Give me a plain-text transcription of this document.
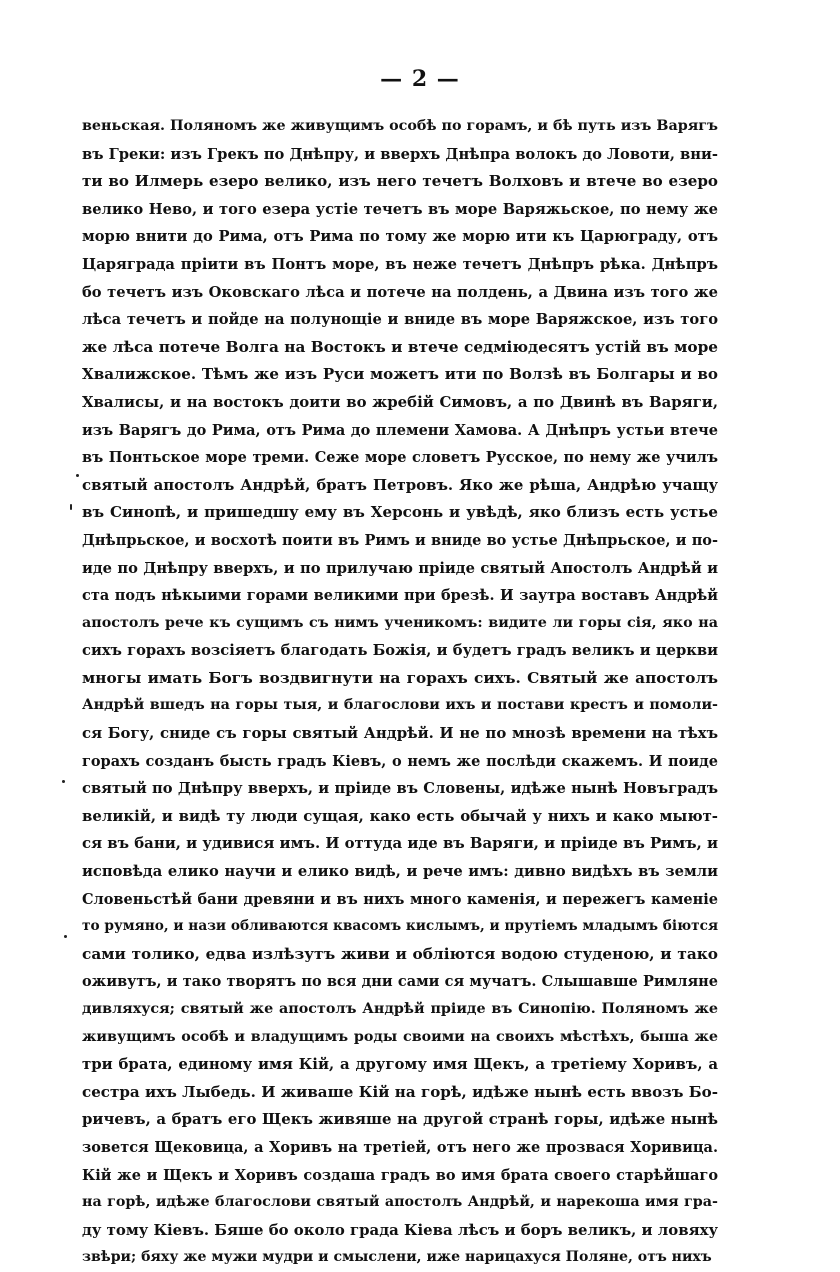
— 2 —
веньская. Поляномъ же живущимъ особѣ по горамъ, и бѣ путь изъ Варягъ
въ Греки: изъ Грекъ по Днѣпру, и вверхъ Днѣпра волокъ до Ловоти, вни-
ти во Илмерь езеро велико, изъ него течетъ Волховъ и втече во езеро
велико Нево, и того езера устіе течетъ въ море Варяжьское, по нему же
морю внити до Рима, отъ Рима по тому же морю ити къ Царюграду, отъ
Царяграда пріити въ Понтъ море, въ неже течетъ Днѣпръ рѣка. Днѣпръ
бо течетъ изъ Оковскаго лѣса и потече на полдень, а Двина изъ того же
лѣса течетъ и пойде на полунощіе и вниде въ море Варяжское, изъ того
же лѣса потече Волга на Востокъ и втече седміюдесятъ устій въ море
Хвалижское. Тѣмъ же изъ Руси можетъ ити по Волзѣ въ Болгары и во
Хвалисы, и на востокъ доити во жребій Симовъ, а по Двинѣ въ Варяги,
изъ Варягъ до Рима, отъ Рима до племени Хамова. А Днѣпръ устьи втече
въ Понтьское море треми. Сеже море словетъ Русское, по нему же училъ
святый апостолъ Андрѣй, братъ Петровъ. Яко же рѣша, Андрѣю учащу
въ Синопѣ, и пришедшу ему въ Херсонь и увѣдѣ, яко близъ есть устье
Днѣпрьское, и восхотѣ поити въ Римъ и вниде во устье Днѣпрьское, и по-
иде по Днѣпру вверхъ, и по прилучаю пріиде святый Апостолъ Андрѣй и
ста подъ нѣкыими горами великими при брезѣ. И заутра воставъ Андрѣй
апостолъ рече къ сущимъ съ нимъ ученикомъ: видите ли горы сія, яко на
сихъ горахъ возсіяетъ благодать Божія, и будетъ градъ великъ и церкви
многы имать Богъ воздвигнути на горахъ сихъ. Святый же апостолъ
Андрѣй вшедъ на горы тыя, и благослови ихъ и постави крестъ и помоли-
ся Богу, сниде съ горы святый Андрѣй. И не по мнозѣ времени на тѣхъ
горахъ созданъ бысть градъ Кіевъ, о немъ же послѣди скажемъ. И поиде
святый по Днѣпру вверхъ, и пріиде въ Словены, идѣже нынѣ Новъградъ
великій, и видѣ ту люди сущая, како есть обычай у нихъ и како мыют-
ся въ бани, и удивися имъ. И оттуда иде въ Варяги, и пріиде въ Римъ, и
исповѣда елико научи и елико видѣ, и рече имъ: дивно видѣхъ въ земли
Словеньстѣй бани древяни и въ нихъ много каменія, и пережегъ каменіе
то румяно, и нази обливаются квасомъ кислымъ, и прутіемъ младымъ біются
сами толико, едва излѣзутъ живи и обліются водою студеною, и тако
оживутъ, и тако творятъ по вся дни сами ся мучатъ. Слышавше Римляне
дивляхуся; святый же апостолъ Андрѣй пріиде въ Синопію. Поляномъ же
живущимъ особѣ и владущимъ роды своими на своихъ мѣстѣхъ, быша же
три брата, единому имя Кій, а другому имя Щекъ, а третіему Хоривъ, а
сестра ихъ Лыбедь. И живаше Кій на горѣ, идѣже нынѣ есть ввозъ Бо-
ричевъ, а братъ его Щекъ живяше на другой странѣ горы, идѣже нынѣ
зовется Щековица, а Хоривъ на третіей, отъ него же прозвася Хоривица.
Кій же и Щекъ и Хоривъ создаша градъ во имя брата своего старѣйшаго
на горѣ, идѣже благослови святый апостолъ Андрѣй, и нарекоша имя гра-
ду тому Кіевъ. Бяше бо около града Кіева лѣсъ и боръ великъ, и ловяху
звѣри; бяху же мужи мудри и смыслени, иже нарицахуся Поляне, отъ нихъ
